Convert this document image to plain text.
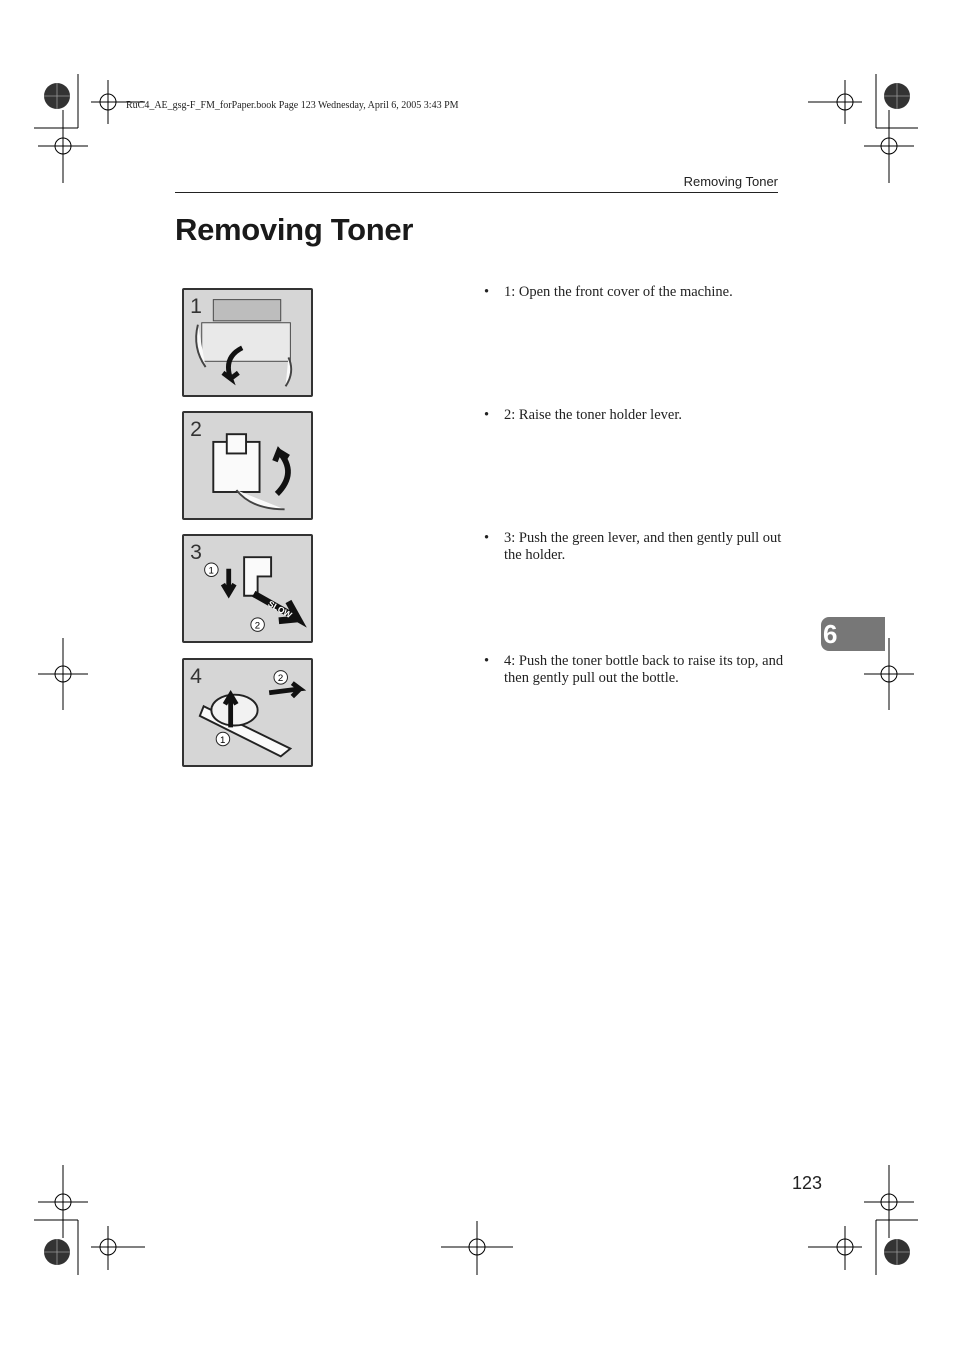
RuC4_AE_gsg-F_FM_forPaper.book Page 123 Wednesday, April 6, 2005 3:43 PM
Removing Toner
Removing Toner
1
•	1: Open the front cover of the machine.
2
•	2: Raise the toner holder lever.
3
1
SLOW
2
•	3: Push the green lever, and then gently pull out the holder.
4	2
1
•	4: Push the toner bottle back to raise its top, and then gently pull out the bottle.
6
123
